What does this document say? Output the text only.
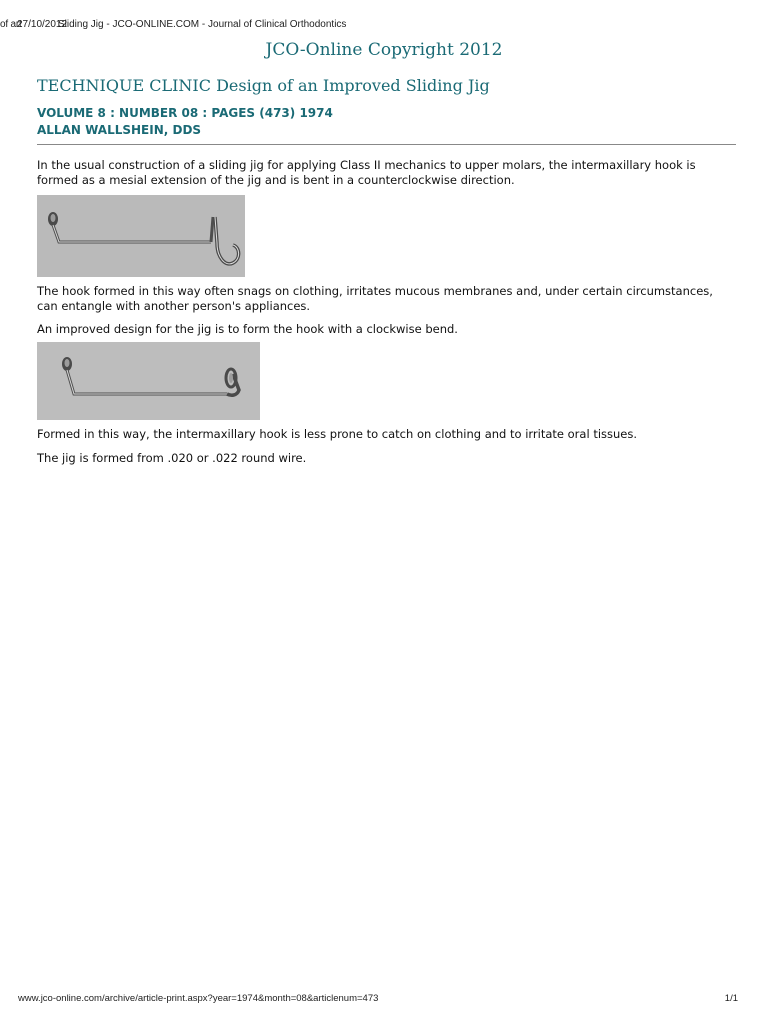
of art
27/10/2012
Sliding Jig - JCO-ONLINE.COM - Journal of Clinical Orthodontics
JCO-Online Copyright 2012
TECHNIQUE CLINIC Design of an Improved Sliding Jig
VOLUME 8 : NUMBER 08 : PAGES (473) 1974
ALLAN WALLSHEIN, DDS
In the usual construction of a sliding jig for applying Class II mechanics to upper molars, the intermaxillary hook is formed as a mesial extension of the jig and is bent in a counterclockwise direction.
The hook formed in this way often snags on clothing, irritates mucous membranes and, under certain circumstances, can entangle with another person's appliances.
An improved design for the jig is to form the hook with a clockwise bend.
Formed in this way, the intermaxillary hook is less prone to catch on clothing and to irritate oral tissues.
The jig is formed from .020 or .022 round wire.
www.jco-online.com/archive/article-print.aspx?year=1974&month=08&articlenum=473	1/1
